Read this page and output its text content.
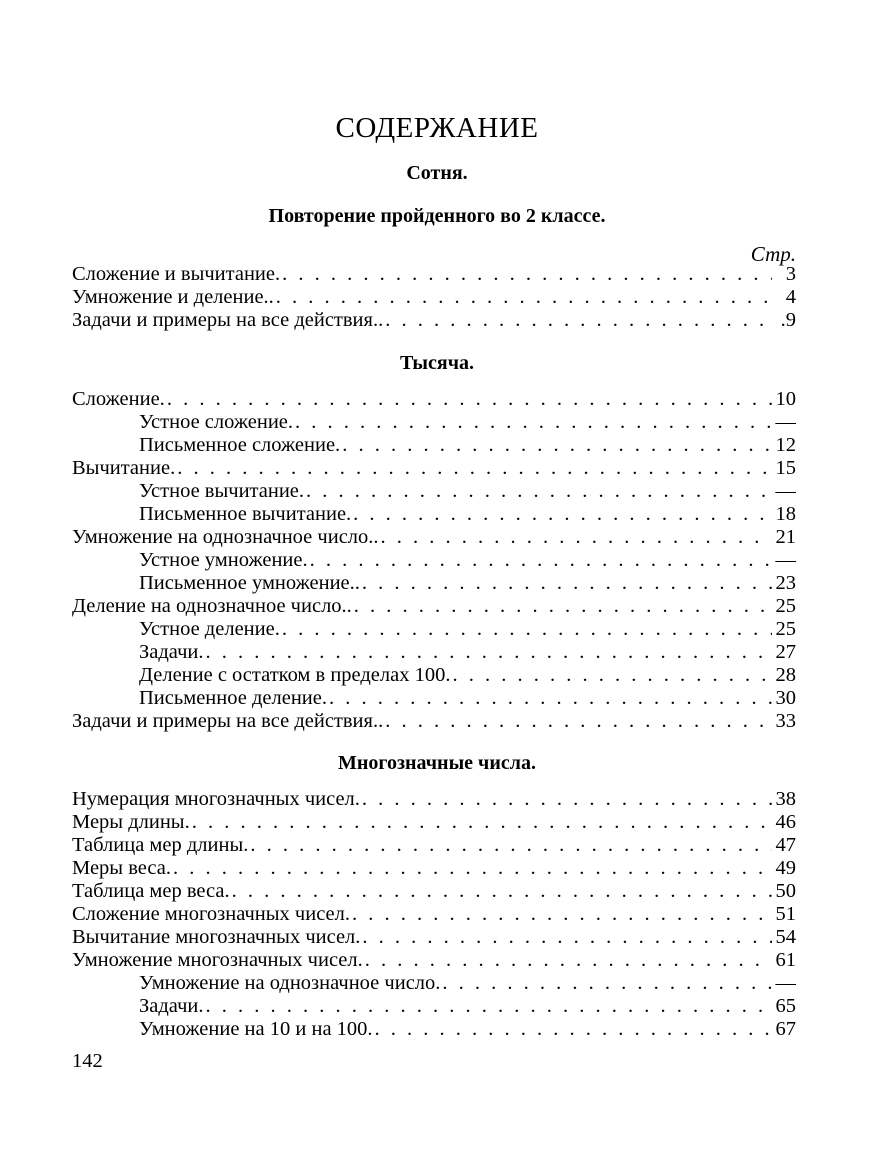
СОДЕРЖАНИЕ
Сотня.
Повторение пройденного во 2 классе.
Стр.
Сложение и вычитание. . . .	3
Умножение и деление.. . . .	4
Задачи и примеры на все действия.. . . .	.9
Тысяча.
Сложение. . . .	10
Устное сложение. . . .	—
Письменное сложение. . . .	12
Вычитание. . . .	15
Устное вычитание. . . .	—
Письменное вычитание. . . .	18
Умножение на однозначное число.. . . .	21
Устное умножение. . . .	—
Письменное умножение.. . . .	23
Деление на однозначное число.. . . .	25
Устное деление. . . .	25
Задачи. . . .	27
Деление с остатком в пределах 100. . . .	28
Письменное деление. . . .	30
Задачи и примеры на все действия.. . . .	33
Многозначные числа.
Нумерация многозначных чисел. . . .	38
Меры длины. . . .	46
Таблица мер длины. . . .	47
Меры веса. . . .	49
Таблица мер веса. . . .	50
Сложение многозначных чисел. . . .	51
Вычитание многозначных чисел. . . .	54
Умножение многозначных чисел. . . .	61
Умножение на однозначное число. . . .	—
Задачи. . . .	65
Умножение на 10 и на 100. . . .	67
142
